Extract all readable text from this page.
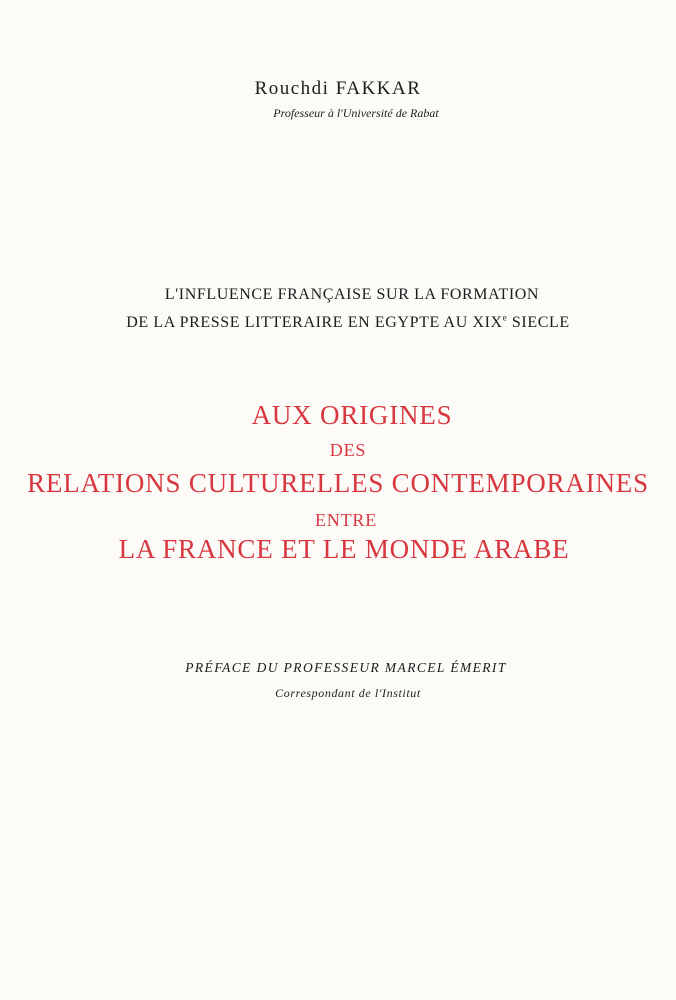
Rouchdi FAKKAR
Professeur à l'Université de Rabat
L'INFLUENCE FRANÇAISE SUR LA FORMATION
DE LA PRESSE LITTERAIRE EN EGYPTE AU XIXe SIECLE
AUX ORIGINES
DES
RELATIONS CULTURELLES CONTEMPORAINES
ENTRE
LA FRANCE ET LE MONDE ARABE
PRÉFACE DU PROFESSEUR MARCEL ÉMERIT
Correspondant de l'Institut
